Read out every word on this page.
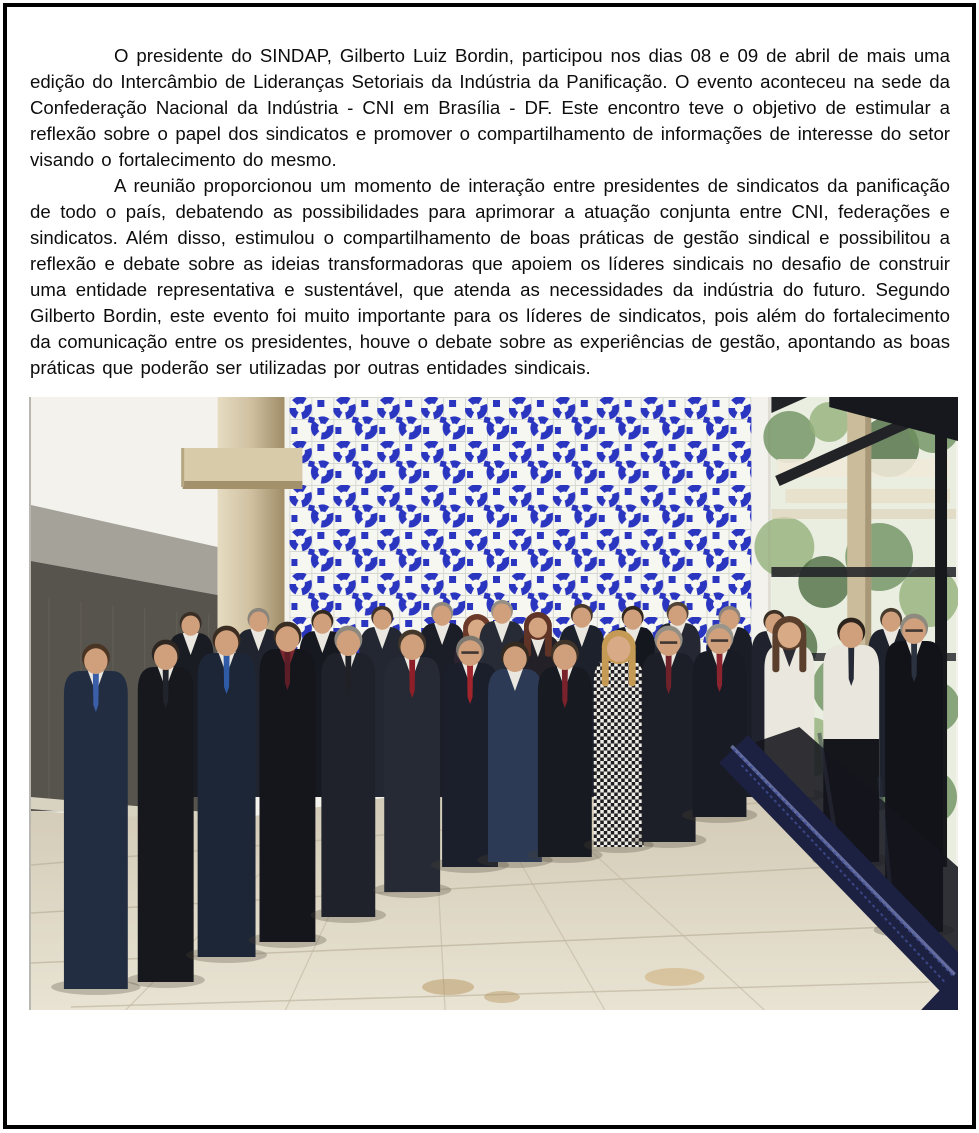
O presidente do SINDAP, Gilberto Luiz Bordin, participou nos dias 08 e 09 de abril de mais uma edição do Intercâmbio de Lideranças Setoriais da Indústria da Panificação. O evento aconteceu na sede da Confederação Nacional da Indústria - CNI em Brasília - DF. Este encontro teve o objetivo de estimular a reflexão sobre o papel dos sindicatos e promover o compartilhamento de informações de interesse do setor visando o fortalecimento do mesmo.

A reunião proporcionou um momento de interação entre presidentes de sindicatos da panificação de todo o país, debatendo as possibilidades para aprimorar a atuação conjunta entre CNI, federações e sindicatos. Além disso, estimulou o compartilhamento de boas práticas de gestão sindical e possibilitou a reflexão e debate sobre as ideias transformadoras que apoiem os líderes sindicais no desafio de construir uma entidade representativa e sustentável, que atenda as necessidades da indústria do futuro. Segundo Gilberto Bordin, este evento foi muito importante para os líderes de sindicatos, pois além do fortalecimento da comunicação entre os presidentes, houve o debate sobre as experiências de gestão, apontando as boas práticas que poderão ser utilizadas por outras entidades sindicais.
